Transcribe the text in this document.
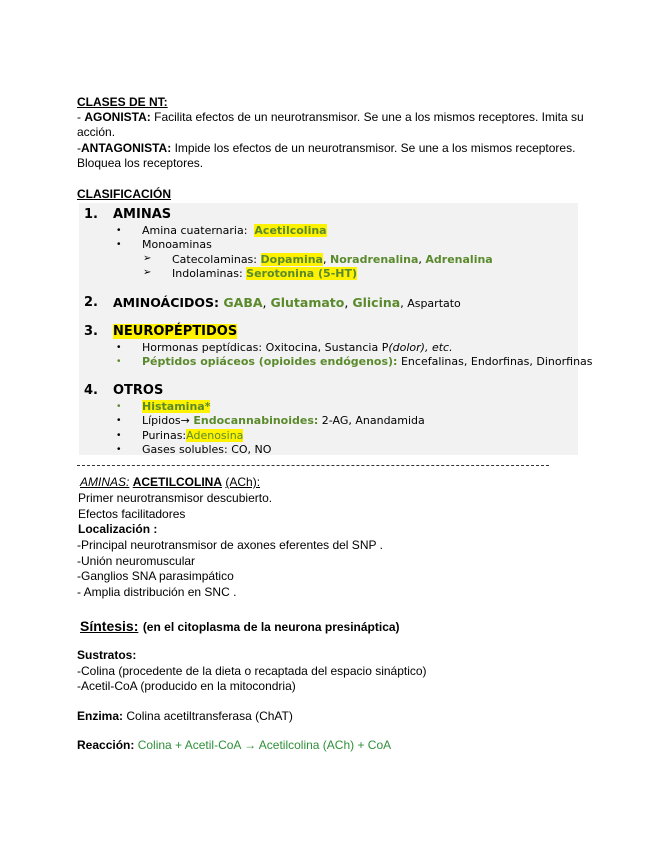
CLASES DE NT:
- AGONISTA: Facilita efectos de un neurotransmisor. Se une a los mismos receptores. Imita su
acción.
-ANTAGONISTA: Impide los efectos de un neurotransmisor. Se une a los mismos receptores.
Bloquea los receptores.
CLASIFICACIÓN
1. AMINAS
• Amina cuaternaria: Acetilcolina
• Monoaminas
➢ Catecolaminas: Dopamina, Noradrenalina, Adrenalina
➢ Indolaminas: Serotonina (5-HT)
2. AMINOÁCIDOS: GABA, Glutamato, Glicina, Aspartato
3. NEUROPÉPTIDOS
• Hormonas peptídicas: Oxitocina, Sustancia P(dolor), etc.
• Péptidos opiáceos (opioides endógenos): Encefalinas, Endorfinas, Dinorfinas
4. OTROS
• Histamina*
• Lípidos→ Endocannabinoides: 2-AG, Anandamida
• Purinas:Adenosina
• Gases solubles: CO, NO
AMINAS: ACETILCOLINA (ACh):
Primer neurotransmisor descubierto.
Efectos facilitadores
Localización :
-Principal neurotransmisor de axones eferentes del SNP .
-Unión neuromuscular
-Ganglios SNA parasimpático
- Amplia distribución en SNC .
Síntesis: (en el citoplasma de la neurona presináptica)
Sustratos:
-Colina (procedente de la dieta o recaptada del espacio sináptico)
-Acetil-CoA (producido en la mitocondria)
Enzima: Colina acetiltransferasa (ChAT)
Reacción: Colina + Acetil-CoA → Acetilcolina (ACh) + CoA
